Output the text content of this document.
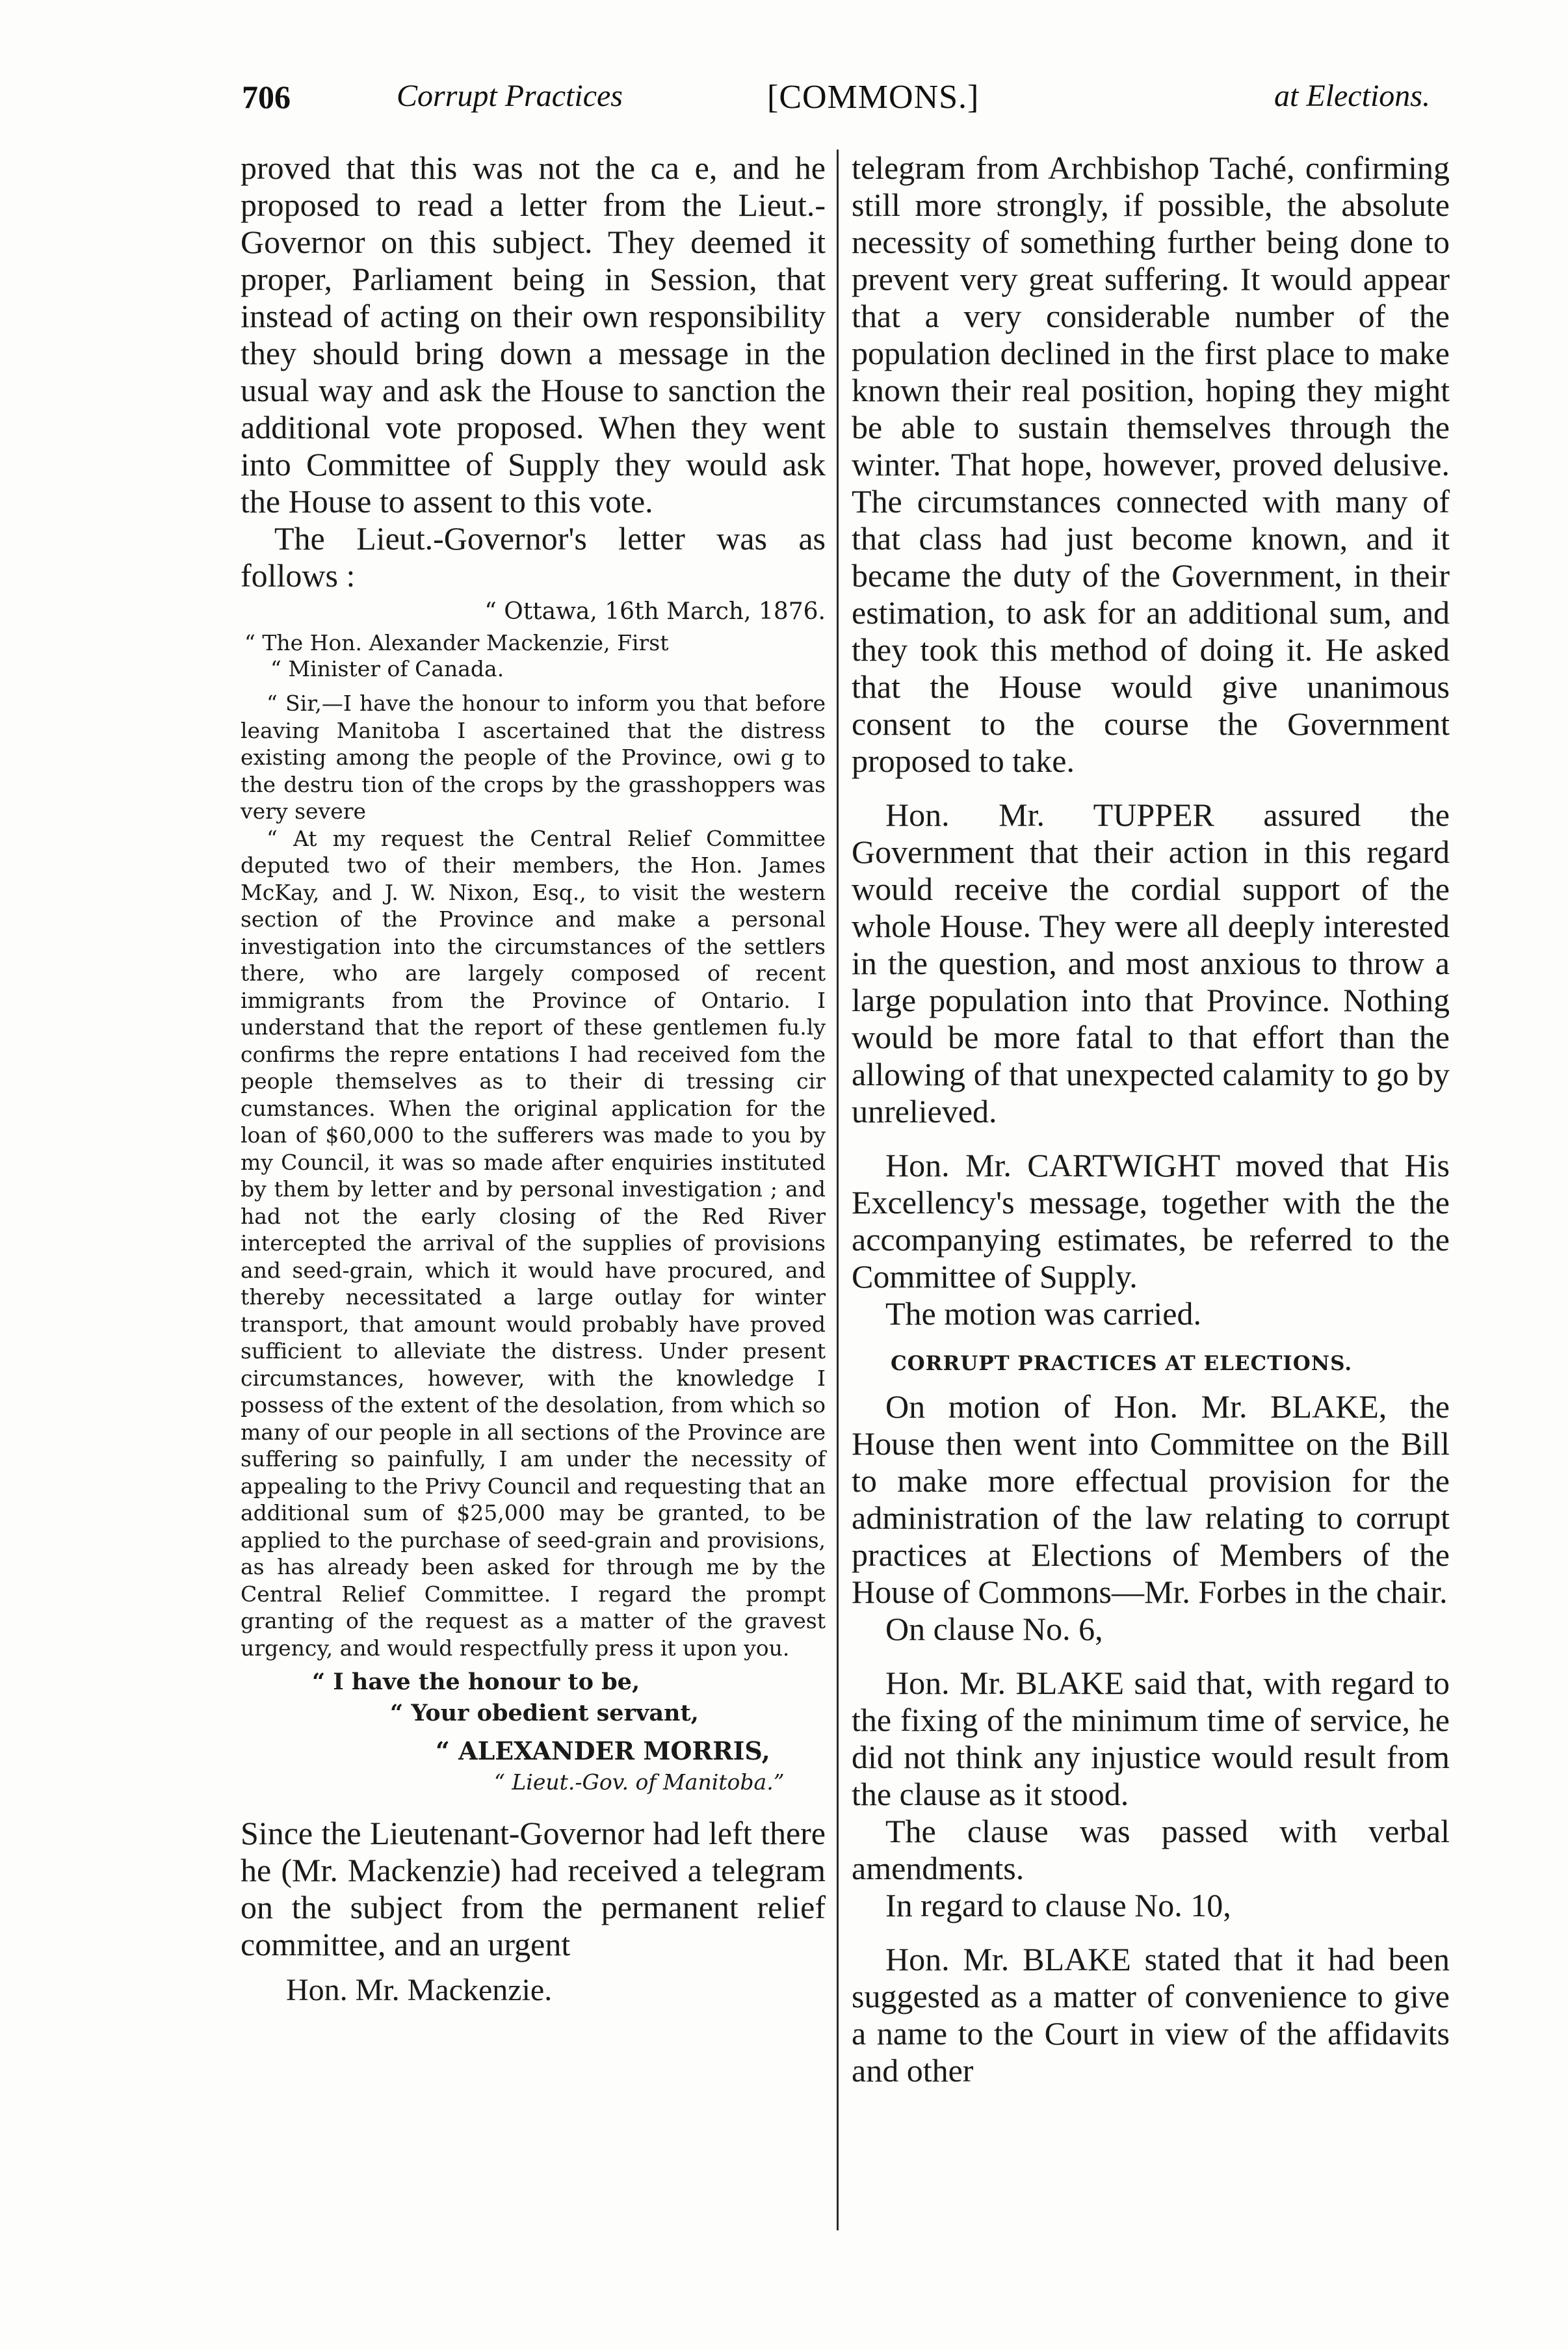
706	Corrupt Practices	[COMMONS.]	at Elections.

proved that this was not the ca e, and he proposed to read a letter from the Lieut.-Governor on this subject. They deemed it proper, Parliament being in Session, that instead of acting on their own responsibility they should bring down a message in the usual way and ask the House to sanction the additional vote proposed. When they went into Committee of Supply they would ask the House to assent to this vote.

The Lieut.-Governor's letter was as follows :

“ Ottawa, 16th March, 1876.

“ The Hon. Alexander Mackenzie, First
“ Minister of Canada.

“ Sir,—I have the honour to inform you that before leaving Manitoba I ascertained that the distress existing among the people of the Province, owi g to the destru tion of the crops by the grasshoppers was very severe

“ At my request the Central Relief Committee deputed two of their members, the Hon. James McKay, and J. W. Nixon, Esq., to visit the western section of the Province and make a personal investigation into the circumstances of the settlers there, who are largely composed of recent immigrants from the Province of Ontario. I understand that the report of these gentlemen fu.ly confirms the repre entations I had received fom the people themselves as to their di tressing cir cumstances. When the original application for the loan of $60,000 to the sufferers was made to you by my Council, it was so made after enquiries instituted by them by letter and by personal investigation ; and had not the early closing of the Red River intercepted the arrival of the supplies of provisions and seed-grain, which it would have procured, and thereby necessitated a large outlay for winter transport, that amount would probably have proved sufficient to alleviate the distress. Under present circumstances, however, with the knowledge I possess of the extent of the desolation, from which so many of our people in all sections of the Province are suffering so painfully, I am under the necessity of appealing to the Privy Council and requesting that an additional sum of $25,000 may be granted, to be applied to the purchase of seed-grain and provisions, as has already been asked for through me by the Central Relief Committee. I regard the prompt granting of the request as a matter of the gravest urgency, and would respectfully press it upon you.

“ I have the honour to be,
“ Your obedient servant,
“ ALEXANDER MORRIS,
“ Lieut.-Gov. of Manitoba.”

Since the Lieutenant-Governor had left there he (Mr. Mackenzie) had received a telegram on the subject from the permanent relief committee, and an urgent

Hon. Mr. Mackenzie.

telegram from Archbishop Taché, confirming still more strongly, if possible, the absolute necessity of something further being done to prevent very great suffering. It would appear that a very considerable number of the population declined in the first place to make known their real position, hoping they might be able to sustain themselves through the winter. That hope, however, proved delusive. The circumstances connected with many of that class had just become known, and it became the duty of the Government, in their estimation, to ask for an additional sum, and they took this method of doing it. He asked that the House would give unanimous consent to the course the Government proposed to take.

Hon. Mr. TUPPER assured the Government that their action in this regard would receive the cordial support of the whole House. They were all deeply interested in the question, and most anxious to throw a large population into that Province. Nothing would be more fatal to that effort than the allowing of that unexpected calamity to go by unrelieved.

Hon. Mr. CARTWIGHT moved that His Excellency's message, together with the the accompanying estimates, be referred to the Committee of Supply.

The motion was carried.

CORRUPT PRACTICES AT ELECTIONS.

On motion of Hon. Mr. BLAKE, the House then went into Committee on the Bill to make more effectual provision for the administration of the law relating to corrupt practices at Elections of Members of the House of Commons—Mr. Forbes in the chair.

On clause No. 6,

Hon. Mr. BLAKE said that, with regard to the fixing of the minimum time of service, he did not think any injustice would result from the clause as it stood.

The clause was passed with verbal amendments.

In regard to clause No. 10,

Hon. Mr. BLAKE stated that it had been suggested as a matter of convenience to give a name to the Court in view of the affidavits and other
